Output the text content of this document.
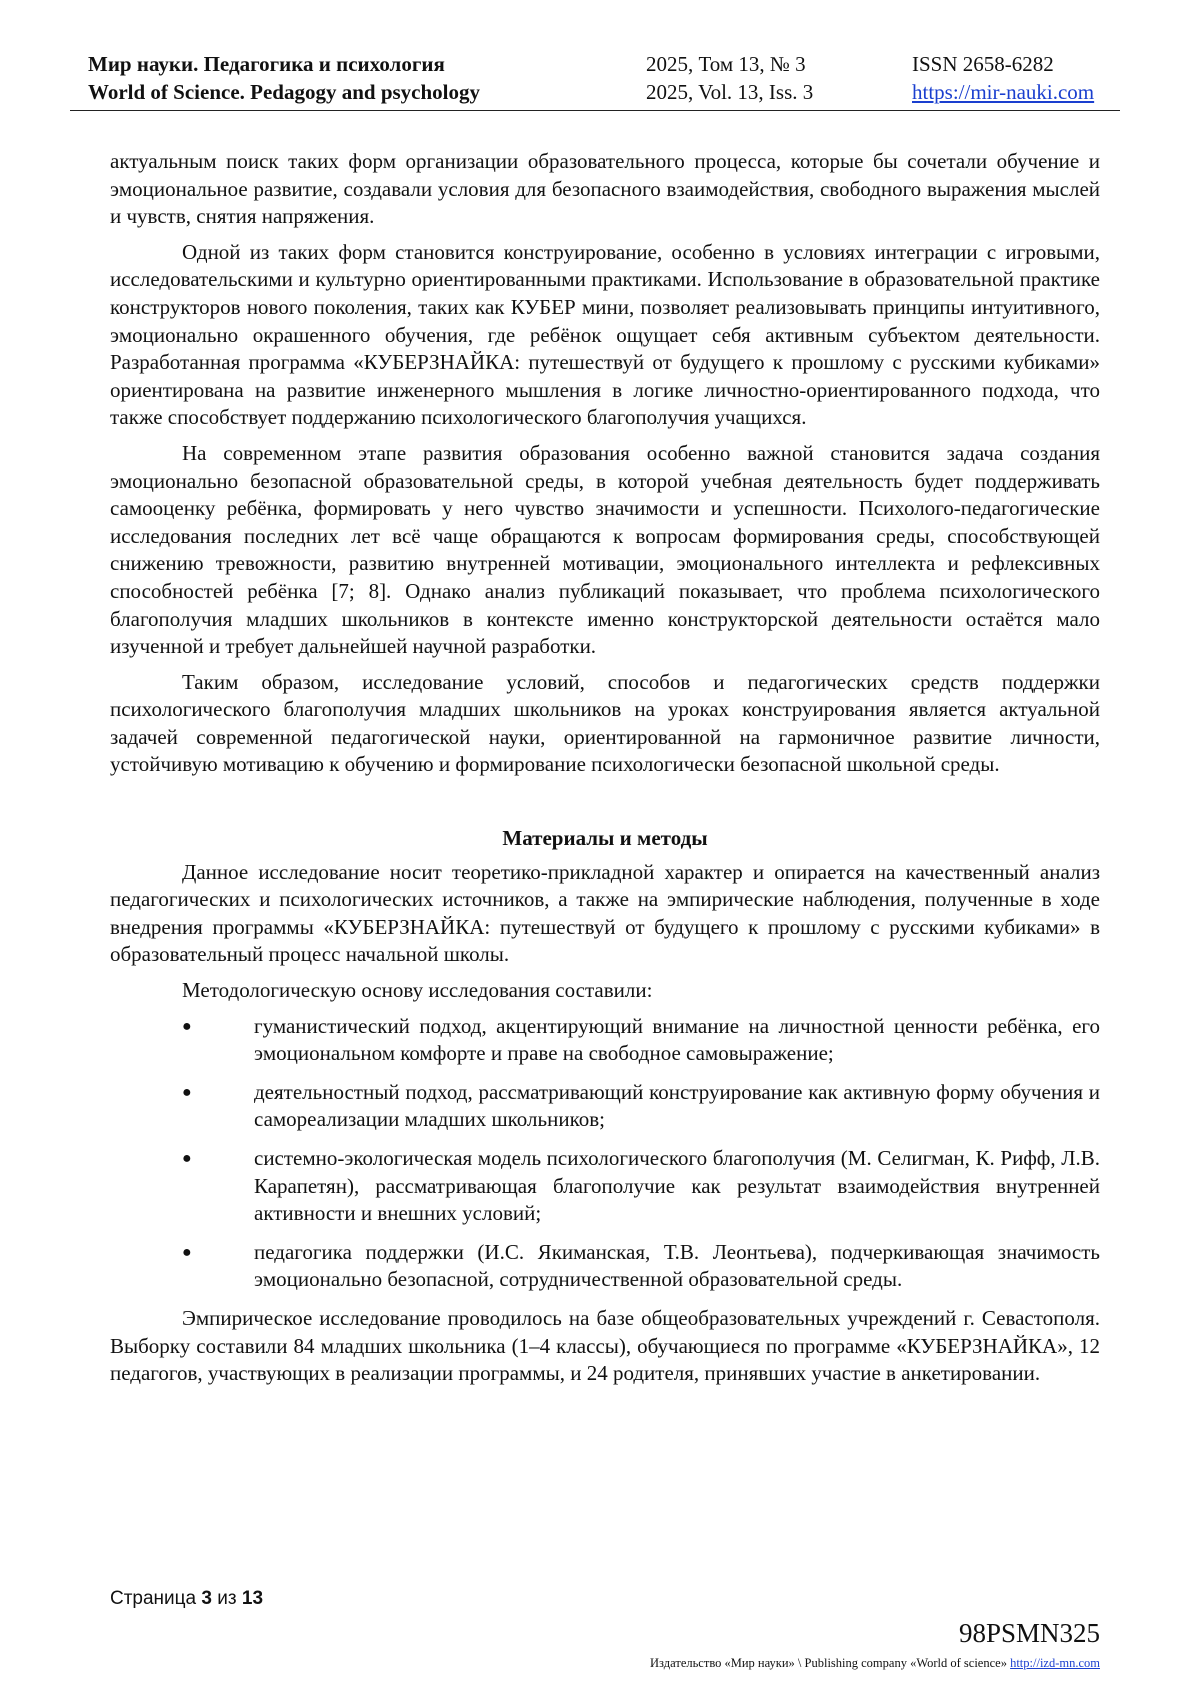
Мир науки. Педагогика и психология
World of Science. Pedagogy and psychology
2025, Том 13, № 3
2025, Vol. 13, Iss. 3
ISSN 2658-6282
https://mir-nauki.com

актуальным поиск таких форм организации образовательного процесса, которые бы сочетали обучение и эмоциональное развитие, создавали условия для безопасного взаимодействия, свободного выражения мыслей и чувств, снятия напряжения.

Одной из таких форм становится конструирование, особенно в условиях интеграции с игровыми, исследовательскими и культурно ориентированными практиками. Использование в образовательной практике конструкторов нового поколения, таких как КУБЕР мини, позволяет реализовывать принципы интуитивного, эмоционально окрашенного обучения, где ребёнок ощущает себя активным субъектом деятельности. Разработанная программа «КУБЕРЗНАЙКА: путешествуй от будущего к прошлому с русскими кубиками» ориентирована на развитие инженерного мышления в логике личностно-ориентированного подхода, что также способствует поддержанию психологического благополучия учащихся.

На современном этапе развития образования особенно важной становится задача создания эмоционально безопасной образовательной среды, в которой учебная деятельность будет поддерживать самооценку ребёнка, формировать у него чувство значимости и успешности. Психолого-педагогические исследования последних лет всё чаще обращаются к вопросам формирования среды, способствующей снижению тревожности, развитию внутренней мотивации, эмоционального интеллекта и рефлексивных способностей ребёнка [7; 8]. Однако анализ публикаций показывает, что проблема психологического благополучия младших школьников в контексте именно конструкторской деятельности остаётся мало изученной и требует дальнейшей научной разработки.

Таким образом, исследование условий, способов и педагогических средств поддержки психологического благополучия младших школьников на уроках конструирования является актуальной задачей современной педагогической науки, ориентированной на гармоничное развитие личности, устойчивую мотивацию к обучению и формирование психологически безопасной школьной среды.

Материалы и методы

Данное исследование носит теоретико-прикладной характер и опирается на качественный анализ педагогических и психологических источников, а также на эмпирические наблюдения, полученные в ходе внедрения программы «КУБЕРЗНАЙКА: путешествуй от будущего к прошлому с русскими кубиками» в образовательный процесс начальной школы.

Методологическую основу исследования составили:

●	гуманистический подход, акцентирующий внимание на личностной ценности ребёнка, его эмоциональном комфорте и праве на свободное самовыражение;
●	деятельностный подход, рассматривающий конструирование как активную форму обучения и самореализации младших школьников;
●	системно-экологическая модель психологического благополучия (М. Селигман, К. Рифф, Л.В. Карапетян), рассматривающая благополучие как результат взаимодействия внутренней активности и внешних условий;
●	педагогика поддержки (И.С. Якиманская, Т.В. Леонтьева), подчеркивающая значимость эмоционально безопасной, сотрудничественной образовательной среды.

Эмпирическое исследование проводилось на базе общеобразовательных учреждений г. Севастополя. Выборку составили 84 младших школьника (1–4 классы), обучающиеся по программе «КУБЕРЗНАЙКА», 12 педагогов, участвующих в реализации программы, и 24 родителя, принявших участие в анкетировании.

Страница 3 из 13
98PSMN325
Издательство «Мир науки» \ Publishing company «World of science» http://izd-mn.com
